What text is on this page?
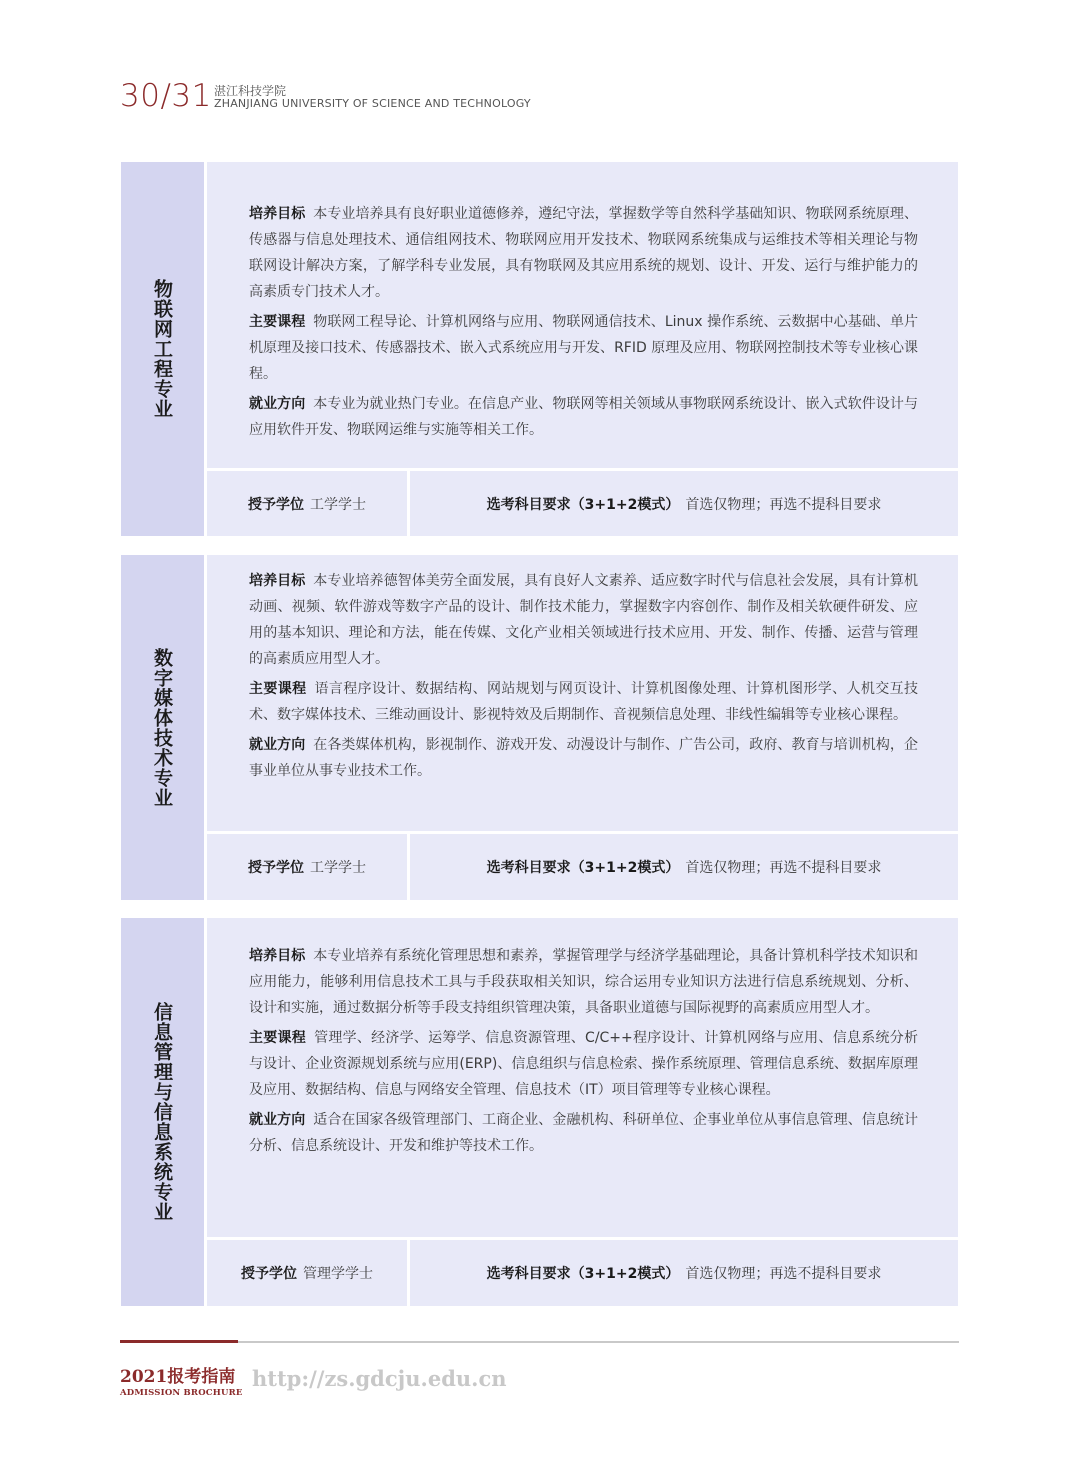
30/31 湛江科技学院
ZHANJIANG UNIVERSITY OF SCIENCE AND TECHNOLOGY
物联网工程专业
培养目标 本专业培养具有良好职业道德修养，遵纪守法，掌握数学等自然科学基础知识、物联网系统原理、传感器与信息处理技术、通信组网技术、物联网应用开发技术、物联网系统集成与运维技术等相关理论与物联网设计解决方案，了解学科专业发展，具有物联网及其应用系统的规划、设计、开发、运行与维护能力的高素质专门技术人才。
主要课程 物联网工程导论、计算机网络与应用、物联网通信技术、Linux 操作系统、云数据中心基础、单片机原理及接口技术、传感器技术、嵌入式系统应用与开发、RFID 原理及应用、物联网控制技术等专业核心课程。
就业方向 本专业为就业热门专业。在信息产业、物联网等相关领域从事物联网系统设计、嵌入式软件设计与应用软件开发、物联网运维与实施等相关工作。
授予学位 工学学士	选考科目要求（3+1+2模式） 首选仅物理；再选不提科目要求
数字媒体技术专业
培养目标 本专业培养德智体美劳全面发展，具有良好人文素养、适应数字时代与信息社会发展，具有计算机动画、视频、软件游戏等数字产品的设计、制作技术能力，掌握数字内容创作、制作及相关软硬件研发、应用的基本知识、理论和方法，能在传媒、文化产业相关领域进行技术应用、开发、制作、传播、运营与管理的高素质应用型人才。
主要课程 语言程序设计、数据结构、网站规划与网页设计、计算机图像处理、计算机图形学、人机交互技术、数字媒体技术、三维动画设计、影视特效及后期制作、音视频信息处理、非线性编辑等专业核心课程。
就业方向 在各类媒体机构，影视制作、游戏开发、动漫设计与制作、广告公司，政府、教育与培训机构，企事业单位从事专业技术工作。
授予学位 工学学士	选考科目要求（3+1+2模式） 首选仅物理；再选不提科目要求
信息管理与信息系统专业
培养目标 本专业培养有系统化管理思想和素养，掌握管理学与经济学基础理论，具备计算机科学技术知识和应用能力，能够利用信息技术工具与手段获取相关知识，综合运用专业知识方法进行信息系统规划、分析、设计和实施，通过数据分析等手段支持组织管理决策，具备职业道德与国际视野的高素质应用型人才。
主要课程 管理学、经济学、运筹学、信息资源管理、C/C++程序设计、计算机网络与应用、信息系统分析与设计、企业资源规划系统与应用(ERP)、信息组织与信息检索、操作系统原理、管理信息系统、数据库原理及应用、数据结构、信息与网络安全管理、信息技术（IT）项目管理等专业核心课程。
就业方向 适合在国家各级管理部门、工商企业、金融机构、科研单位、企事业单位从事信息管理、信息统计分析、信息系统设计、开发和维护等技术工作。
授予学位 管理学学士	选考科目要求（3+1+2模式） 首选仅物理；再选不提科目要求
2021报考指南
ADMISSION BROCHURE
http://zs.gdcju.edu.cn
